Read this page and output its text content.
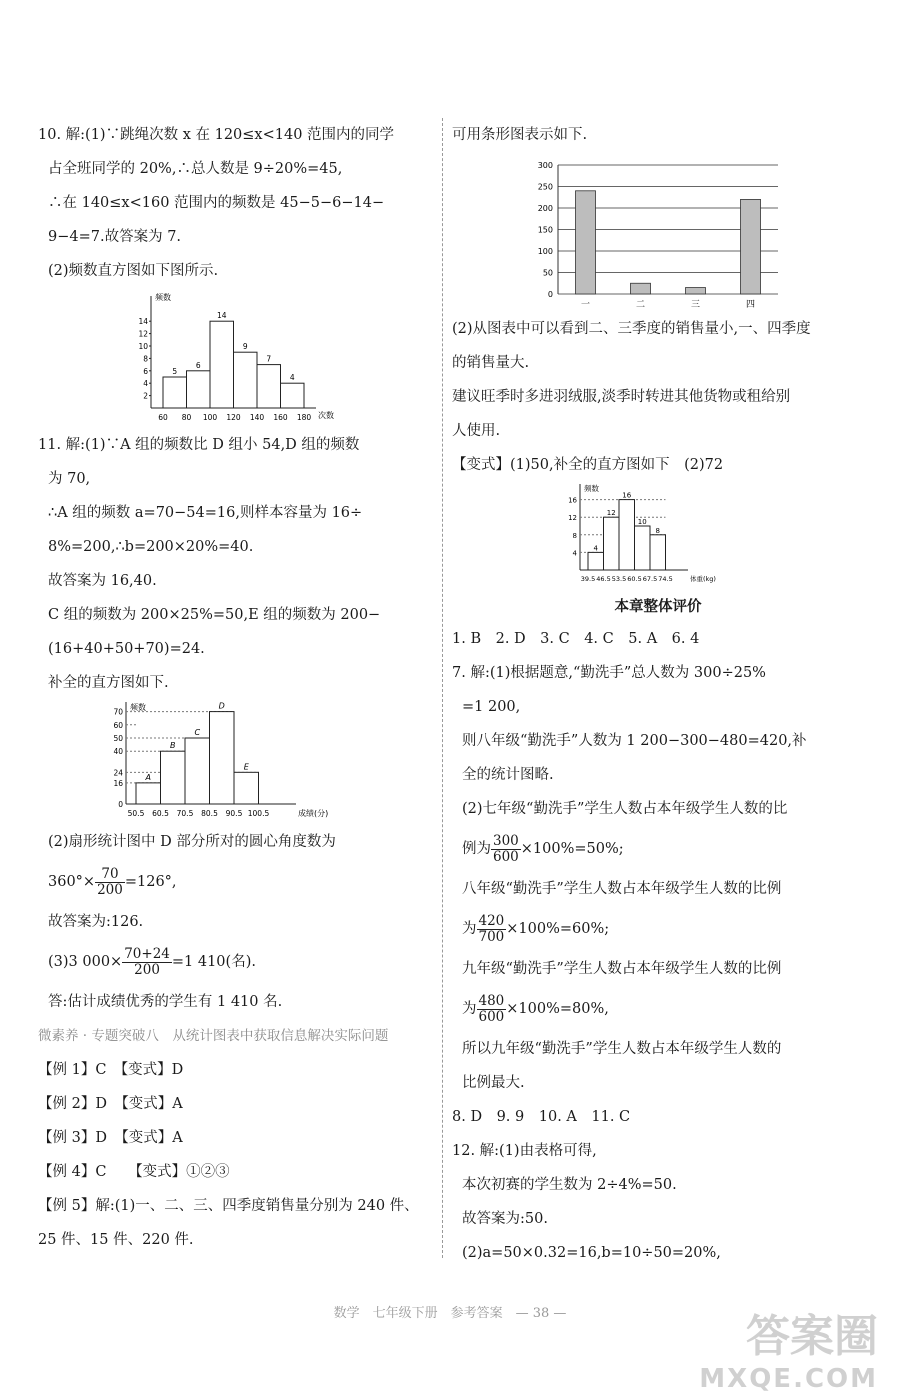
10. 解:(1)∵跳绳次数 x 在 120≤x<140 范围内的同学

占全班同学的 20%,∴总人数是 9÷20%=45,

∴在 140≤x<160 范围内的频数是 45−5−6−14−

9−4=7.故答案为 7.

(2)频数直方图如下图所示.

频数
次数
2
4
6
8
10
12
14
60 80 100 120 140 160 180
5
6
14
9
7
4

11. 解:(1)∵A 组的频数比 D 组小 54,D 组的频数

为 70,

∴A 组的频数 a=70−54=16,则样本容量为 16÷

8%=200,∴b=200×20%=40.

故答案为 16,40.

C 组的频数为 200×25%=50,E 组的频数为 200−

(16+40+50+70)=24.

补全的直方图如下.

频数
成绩(分)
0
16
24
40
50
60
70
50.5 60.5 70.5 80.5 90.5 100.5
A
B
C
D
E

(2)扇形统计图中 D 部分所对的圆心角度数为

$360^\circ\times \frac{70}{200} =126^\circ$,

故答案为:126.

(3)3 $000\times \frac{70+24}{200} =1$ 410(名).

答:估计成绩优秀的学生有 1 410 名.

微素养 · 专题突破八　从统计图表中获取信息解决实际问题

【例 1】C　【变式】D

【例 2】D　【变式】A

【例 3】D　【变式】A

【例 4】C　　【变式】①②③

【例 5】解:(1)一、二、三、四季度销售量分别为 240 件、

25 件、15 件、220 件.

可用条形图表示如下.

0
50
100
150
200
250
300
一	二	三	四

(2)从图表中可以看到二、三季度的销售量小,一、四季度

的销售量大.

建议旺季时多进羽绒服,淡季时转进其他货物或租给别

人使用.

【变式】(1)50,补全的直方图如下　(2)72

频数
体重(kg)
4
8
12
16
39.5 46.5 53.5 60.5 67.5 74.5
4
12
16
10
8

本章整体评价

1. B　2. D　3. C　4. C　5. A　6. 4

7. 解:(1)根据题意,“勤洗手”总人数为 300÷25%

=1 200,

则八年级“勤洗手”人数为 1 200−300−480=420,补

全的统计图略.

(2)七年级“勤洗手”学生人数占本年级学生人数的比

例为 $\frac{300}{600} \times 100\%=50\%$;

八年级“勤洗手”学生人数占本年级学生人数的比例

为 $\frac{420}{700} \times 100\%=60\%$;

九年级“勤洗手”学生人数占本年级学生人数的比例

为 $\frac{480}{600} \times 100\%=80\%$,

所以九年级“勤洗手”学生人数占本年级学生人数的

比例最大.

8. D　9. 9　10. A　11. C

12. 解:(1)由表格可得,

本次初赛的学生数为 2÷4%=50.

故答案为:50.

(2)a=50×0.32=16,b=10÷50=20%,

数学　七年级下册　参考答案　— 38 —	答案圈
MXQE.COM
